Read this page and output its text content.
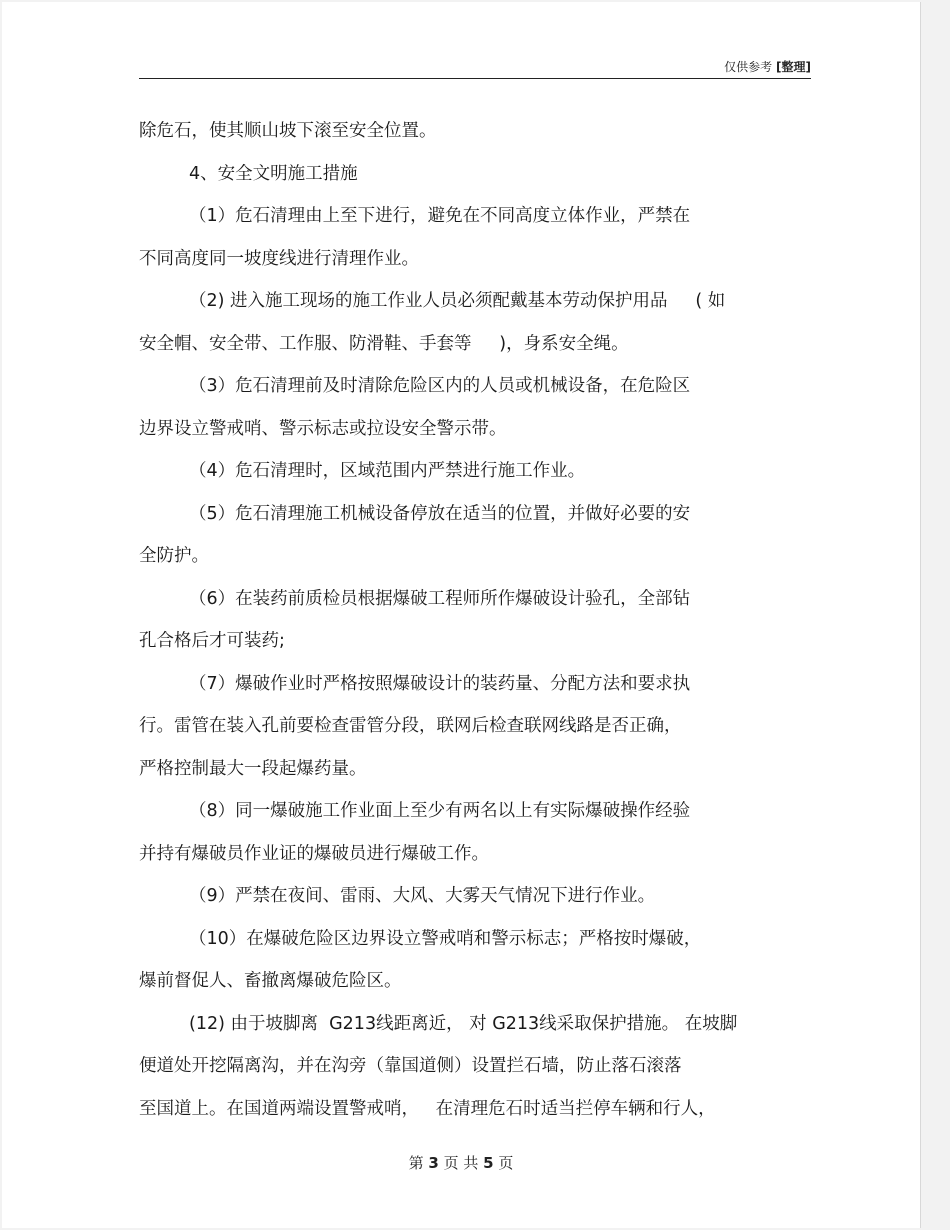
仅供参考 [整理]
除危石，使其顺山坡下滚至安全位置。
4、安全文明施工措施
（1）危石清理由上至下进行，避免在不同高度立体作业，严禁在
不同高度同一坡度线进行清理作业。
（2) 进入施工现场的施工作业人员必须配戴基本劳动保护用品     ( 如
安全帽、安全带、工作服、防滑鞋、手套等     )，身系安全绳。
（3）危石清理前及时清除危险区内的人员或机械设备，在危险区
边界设立警戒哨、警示标志或拉设安全警示带。
（4）危石清理时，区域范围内严禁进行施工作业。
（5）危石清理施工机械设备停放在适当的位置，并做好必要的安
全防护。
（6）在装药前质检员根据爆破工程师所作爆破设计验孔，全部钻
孔合格后才可装药;
（7）爆破作业时严格按照爆破设计的装药量、分配方法和要求执
行。雷管在装入孔前要检查雷管分段，联网后检查联网线路是否正确，
严格控制最大一段起爆药量。
（8）同一爆破施工作业面上至少有两名以上有实际爆破操作经验
并持有爆破员作业证的爆破员进行爆破工作。
（9）严禁在夜间、雷雨、大风、大雾天气情况下进行作业。
（10）在爆破危险区边界设立警戒哨和警示标志；严格按时爆破，
爆前督促人、畜撤离爆破危险区。
(12) 由于坡脚离  G213线距离近， 对 G213线采取保护措施。 在坡脚
便道处开挖隔离沟，并在沟旁（靠国道侧）设置拦石墙，防止落石滚落
至国道上。在国道两端设置警戒哨，   在清理危石时适当拦停车辆和行人，
第 3 页 共 5 页
